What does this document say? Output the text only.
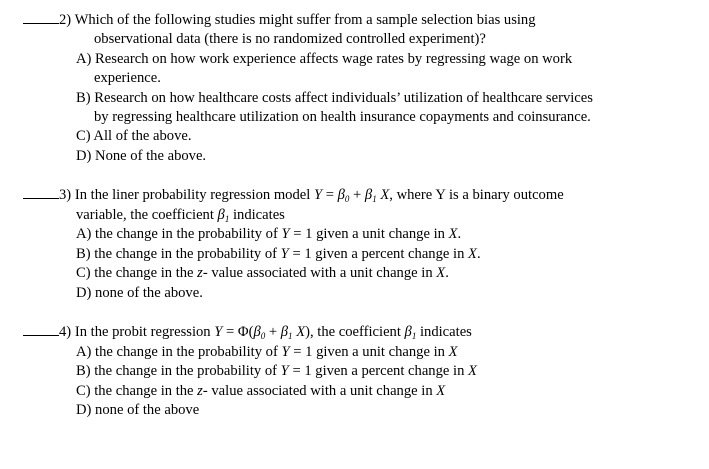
2) Which of the following studies might suffer from a sample selection bias using
observational data (there is no randomized controlled experiment)?
A) Research on how work experience affects wage rates by regressing wage on work
experience.
B) Research on how healthcare costs affect individuals’ utilization of healthcare services
by regressing healthcare utilization on health insurance copayments and coinsurance.
C) All of the above.
D) None of the above.
3) In the liner probability regression model $Y = \beta_0 + \beta_1$ X, where Y is a binary outcome
variable, the coefficient $\beta_1$ indicates
A) the change in the probability of Y = 1 given a unit change in X.
B) the change in the probability of Y = 1 given a percent change in X.
C) the change in the z- value associated with a unit change in X.
D) none of the above.
4) In the probit regression $Y = \Phi(\beta_0 + \beta_1$ X), the coefficient $\beta_1$ indicates
A) the change in the probability of Y = 1 given a unit change in X
B) the change in the probability of Y = 1 given a percent change in X
C) the change in the z- value associated with a unit change in X
D) none of the above
